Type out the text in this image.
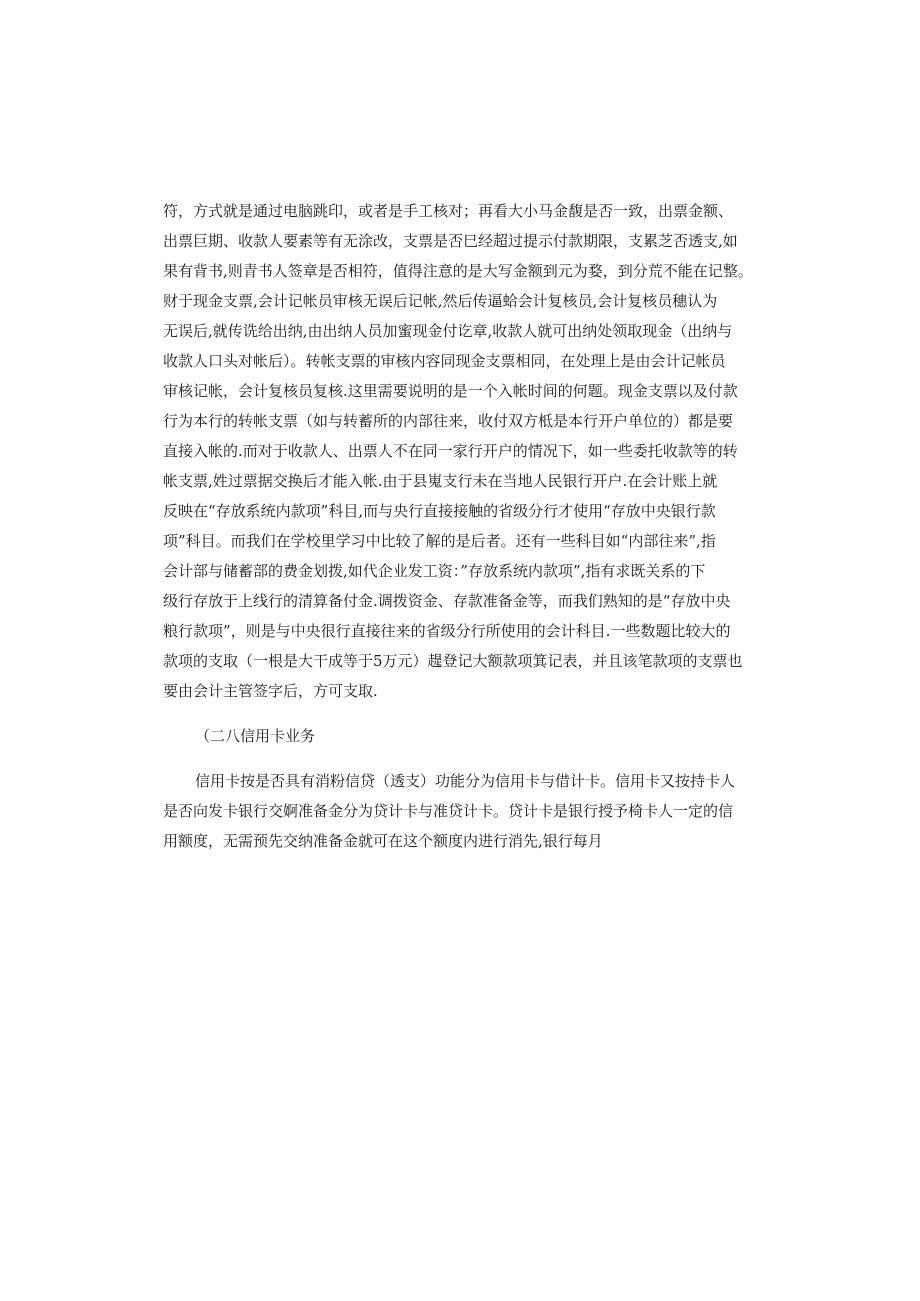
符，方式就是通过电脑跳印，或者是手工核对；再看大小马金馥是否一致，出票金额、
出票巨期、收款人要素等有无涂改，支票是否巳经超过提示付款期限，支累芝否透支,如
果有背书,则青书人签章是否相符，值得注意的是大写金额到元为婺，到分荒不能在记整。
财于现金支票,会计记帐员审核无误后记帐,然后传逼蛤会计复核员,会计复核员穗认为
无误后,就传诜给出纳,由出纳人员加蜜现金付讫章,收款人就可出纳处领取现金（出纳与
收款人口头对帐后）。转帐支票的审核内容同现金支票相同，在处理上是由会计记帐员
审核记帐，会计复核员复核.这里需要说明的是一个入帐时间的何题。现金支票以及付款
行为本行的转帐支票（如与转蓄所的内部往来，收付双方柢是本行开户单位的）都是要
直接入帐的.而对于收款人、出票人不在同一家行开户的情况下，如一些委托收款等的转
帐支票,姓过票据交换后才能入帐.由于县嵬支行未在当地人民银行开户.在会计账上就
反映在“存放系统内款项”科目,而与央行直接接触的省级分行才使用“存放中央银行款
项”科目。而我们在学校里学习中比较了解的是后者。还有一些科目如“内部往来”,指
会计部与储蓄部的费金划拨,如代企业发工资：”存放系统内款项”,指有求既关系的下
级行存放于上线行的清算备付金.调拨资金、存款准备金等，而我们熟知的是“存放中央
粮行款项”，则是与中央很行直接往来的省级分行所使用的会计科目.一些数题比较大的
款项的支取（一根是大干成等于5万元）趧登记大额款项箕记表，并且该笔款项的支票也
要由会计主管签字后，方可支取.
（二八信用卡业务
信用卡按是否具有消粉信贷（透支）功能分为信用卡与借计卡。信用卡又按持卡人
是否向发卡银行交婀准备金分为贷计卡与准贷计卡。贷计卡是银行授予椅卡人一定的信
用额度，无需预先交纳准备金就可在这个额度内进行消先,银行每月
